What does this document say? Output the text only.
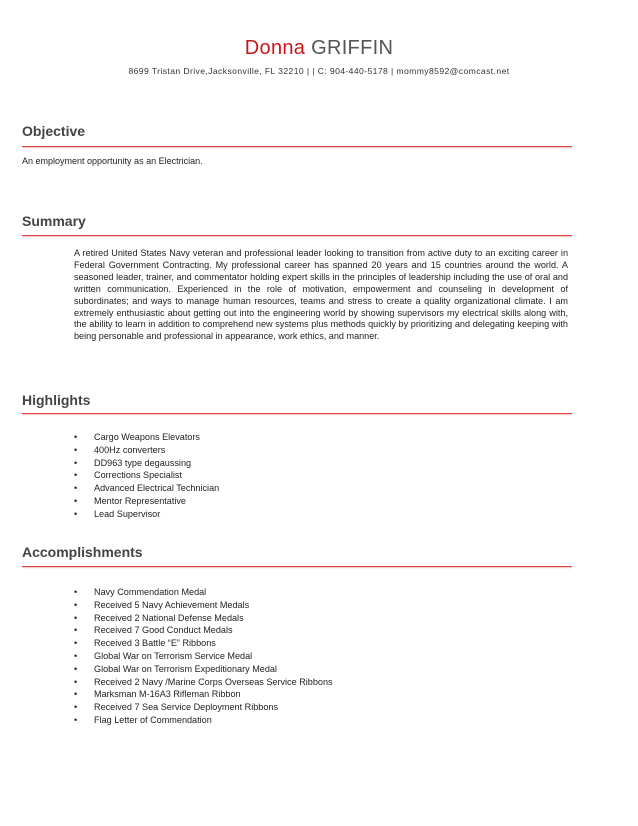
Donna GRIFFIN
8699 Tristan Drive,Jacksonville, FL 32210 | | C: 904-440-5178 | mommy8592@comcast.net
Objective
An employment opportunity as an Electrician.
Summary
A retired United States Navy veteran and professional leader looking to transition from active duty to an exciting career in Federal Government Contracting. My professional career has spanned 20 years and 15 countries around the world. A seasoned leader, trainer, and commentator holding expert skills in the principles of leadership including the use of oral and written communication. Experienced in the role of motivation, empowerment and counseling in development of subordinates; and ways to manage human resources, teams and stress to create a quality organizational climate. I am extremely enthusiastic about getting out into the engineering world by showing supervisors my electrical skills along with, the ability to learn in addition to comprehend new systems plus methods quickly by prioritizing and delegating keeping with being personable and professional in appearance, work ethics, and manner.
Highlights
• Cargo Weapons Elevators
• 400Hz converters
• DD963 type degaussing
• Corrections Specialist
• Advanced Electrical Technician
• Mentor Representative
• Lead Supervisor
Accomplishments
• Navy Commendation Medal
• Received 5 Navy Achievement Medals
• Received 2 National Defense Medals
• Received 7 Good Conduct Medals
• Received 3 Battle “E” Ribbons
• Global War on Terrorism Service Medal
• Global War on Terrorism Expeditionary Medal
• Received 2 Navy /Marine Corps Overseas Service Ribbons
• Marksman M-16A3 Rifleman Ribbon
• Received 7 Sea Service Deployment Ribbons
• Flag Letter of Commendation
